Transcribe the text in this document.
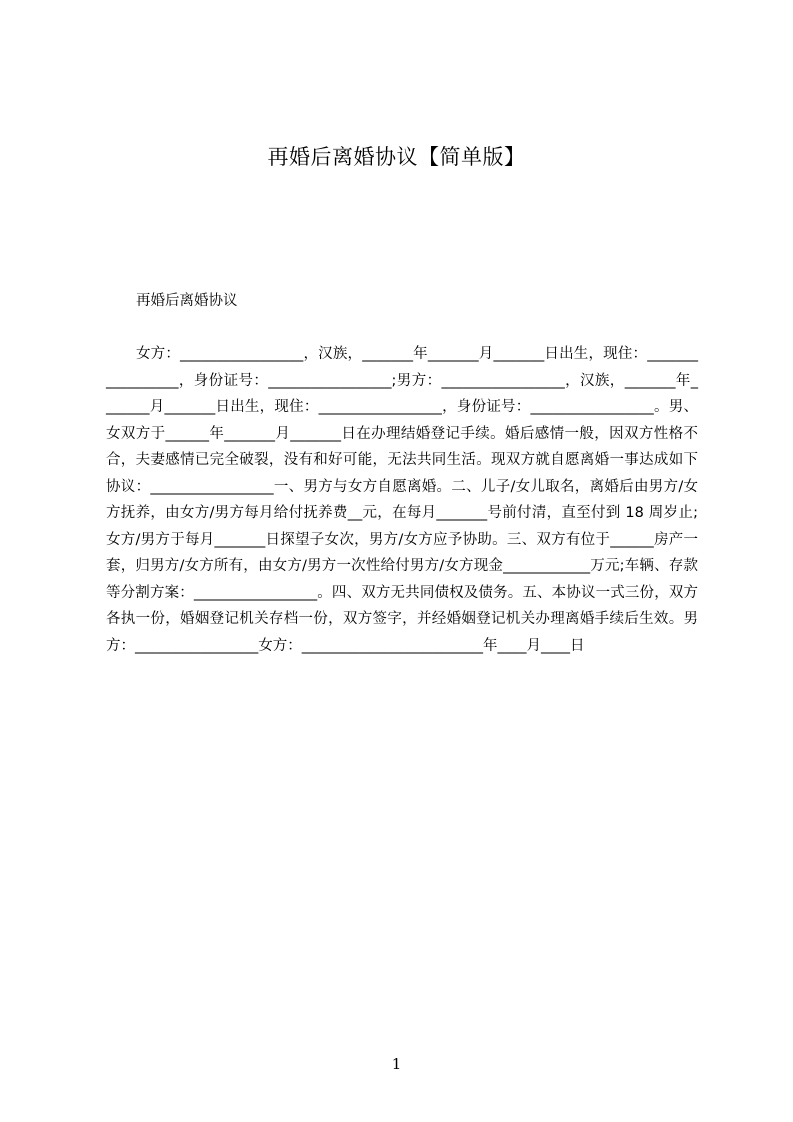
再婚后离婚协议【简单版】

再婚后离婚协议

女方：_________________，汉族，_______年_______月_______日出生，现住：_________________，身份证号：_________________;男方：_________________，汉族，_______年_______月_______日出生，现住：_________________，身份证号：_________________。男、女双方于______年_______月_______日在办理结婚登记手续。婚后感情一般，因双方性格不合，夫妻感情已完全破裂，没有和好可能，无法共同生活。现双方就自愿离婚一事达成如下协议：_________________一、男方与女方自愿离婚。二、儿子/女儿取名，离婚后由男方/女方抚养，由女方/男方每月给付抚养费__元，在每月_______号前付清，直至付到 18 周岁止;女方/男方于每月_______日探望子女次，男方/女方应予协助。三、双方有位于______房产一套，归男方/女方所有，由女方/男方一次性给付男方/女方现金____________万元;车辆、存款等分割方案：_________________。四、双方无共同债权及债务。五、本协议一式三份，双方各执一份，婚姻登记机关存档一份，双方签字，并经婚姻登记机关办理离婚手续后生效。男方：_________________女方：_________________________年____月____日

1
